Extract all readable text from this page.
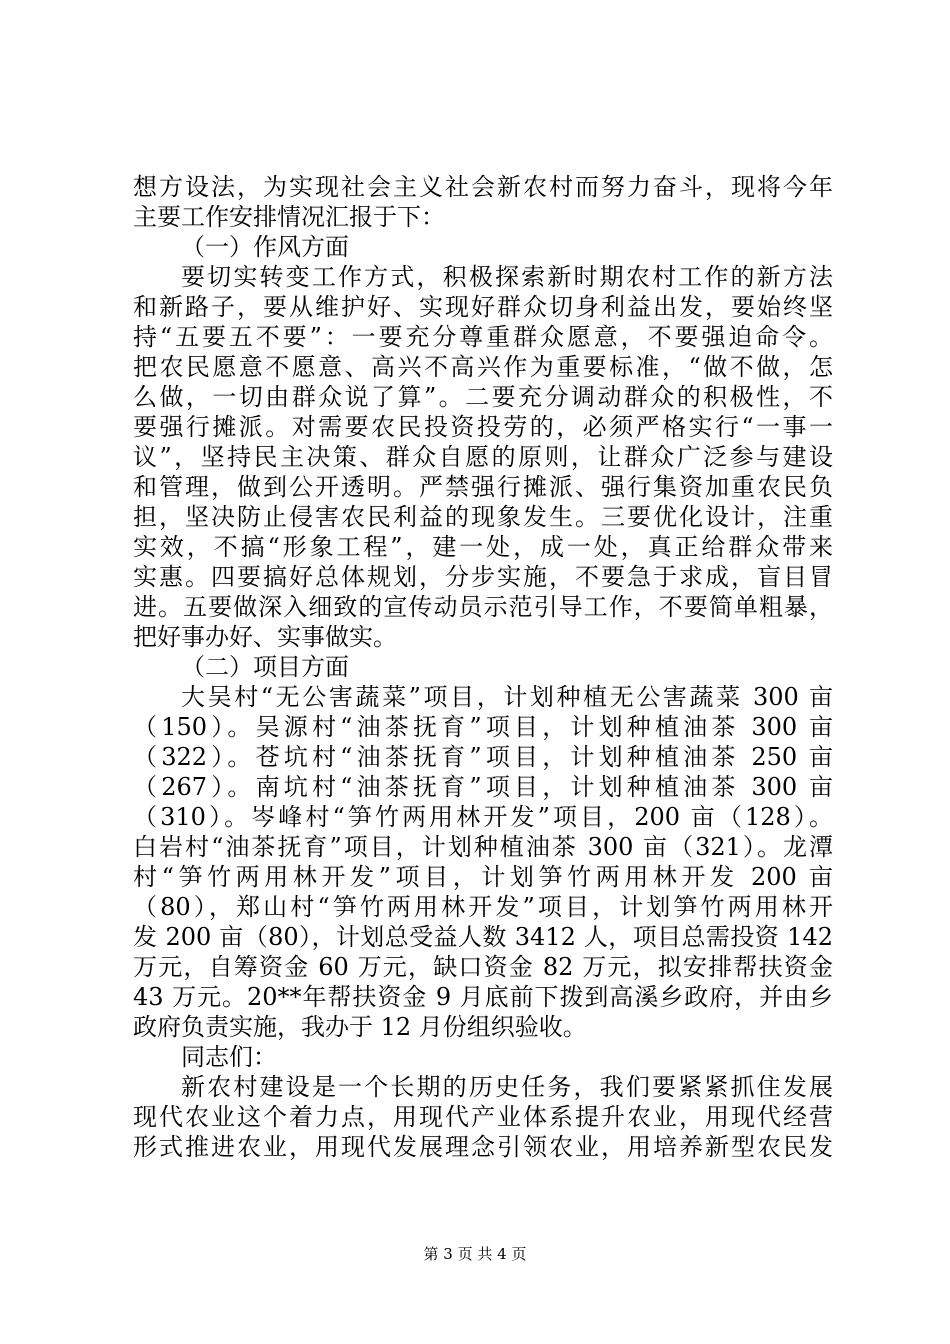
想方设法，为实现社会主义社会新农村而努力奋斗，现将今年
主要工作安排情况汇报于下：
（一）作风方面
要切实转变工作方式，积极探索新时期农村工作的新方法
和新路子，要从维护好、实现好群众切身利益出发，要始终坚
持“五要五不要”：一要充分尊重群众愿意，不要强迫命令。
把农民愿意不愿意、高兴不高兴作为重要标准，“做不做，怎
么做，一切由群众说了算”。二要充分调动群众的积极性，不
要强行摊派。对需要农民投资投劳的，必须严格实行“一事一
议”，坚持民主决策、群众自愿的原则，让群众广泛参与建设
和管理，做到公开透明。严禁强行摊派、强行集资加重农民负
担，坚决防止侵害农民利益的现象发生。三要优化设计，注重
实效，不搞“形象工程”，建一处，成一处，真正给群众带来
实惠。四要搞好总体规划，分步实施，不要急于求成，盲目冒
进。五要做深入细致的宣传动员示范引导工作，不要简单粗暴，
把好事办好、实事做实。
（二）项目方面
大吴村“无公害蔬菜”项目，计划种植无公害蔬菜 300 亩
（150）。吴源村“油茶抚育”项目，计划种植油茶 300 亩
（322）。苍坑村“油茶抚育”项目，计划种植油茶 250 亩
（267）。南坑村“油茶抚育”项目，计划种植油茶 300 亩
（310）。岑峰村“笋竹两用林开发”项目，200 亩（128）。
白岩村“油茶抚育”项目，计划种植油茶 300 亩（321）。龙潭
村“笋竹两用林开发”项目，计划笋竹两用林开发 200 亩
（80），郑山村“笋竹两用林开发”项目，计划笋竹两用林开
发 200 亩（80），计划总受益人数 3412 人，项目总需投资 142
万元，自筹资金 60 万元，缺口资金 82 万元，拟安排帮扶资金
43 万元。20**年帮扶资金 9 月底前下拨到高溪乡政府，并由乡
政府负责实施，我办于 12 月份组织验收。
同志们：
新农村建设是一个长期的历史任务，我们要紧紧抓住发展
现代农业这个着力点，用现代产业体系提升农业，用现代经营
形式推进农业，用现代发展理念引领农业，用培养新型农民发
第 3 页 共 4 页
